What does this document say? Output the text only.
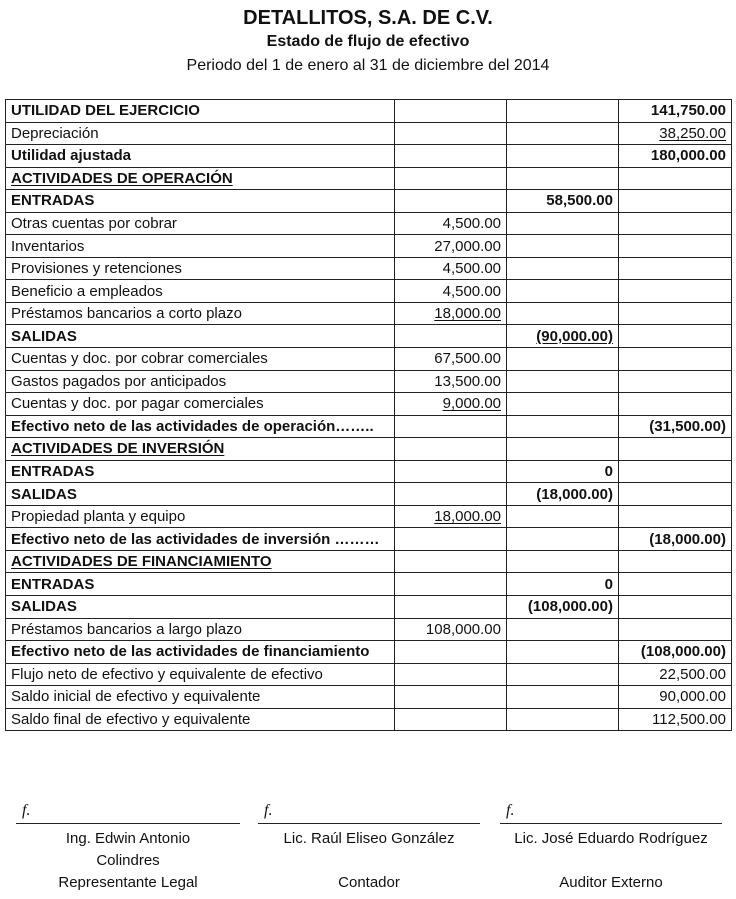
DETALLITOS, S.A. DE C.V.
Estado de flujo de efectivo
Periodo del 1 de enero al 31 de diciembre del 2014
UTILIDAD DEL EJERCICIO			141,750.00
Depreciación			38,250.00
Utilidad ajustada			180,000.00
ACTIVIDADES DE OPERACIÓN			
ENTRADAS		58,500.00	
Otras cuentas por cobrar	4,500.00		
Inventarios	27,000.00		
Provisiones y retenciones	4,500.00		
Beneficio a empleados	4,500.00		
Préstamos bancarios a corto plazo	18,000.00		
SALIDAS		(90,000.00)	
Cuentas y doc. por cobrar comerciales	67,500.00		
Gastos pagados por anticipados	13,500.00		
Cuentas y doc. por pagar comerciales	9,000.00		
Efectivo neto de las actividades de operación……..			(31,500.00)
ACTIVIDADES DE INVERSIÓN			
ENTRADAS		0	
SALIDAS		(18,000.00)	
Propiedad planta y equipo	18,000.00		
Efectivo neto de las actividades de inversión ………			(18,000.00)
ACTIVIDADES DE FINANCIAMIENTO			
ENTRADAS		0	
SALIDAS		(108,000.00)	
Préstamos bancarios a largo plazo	108,000.00		
Efectivo neto de las actividades de financiamiento			(108,000.00)
Flujo neto de efectivo y equivalente de efectivo			22,500.00
Saldo inicial de efectivo y equivalente			90,000.00
Saldo final de efectivo y equivalente			112,500.00
f.
Ing. Edwin Antonio Colindres
Representante Legal
f.
Lic. Raúl Eliseo González
Contador
f.
Lic. José Eduardo Rodríguez
Auditor Externo
